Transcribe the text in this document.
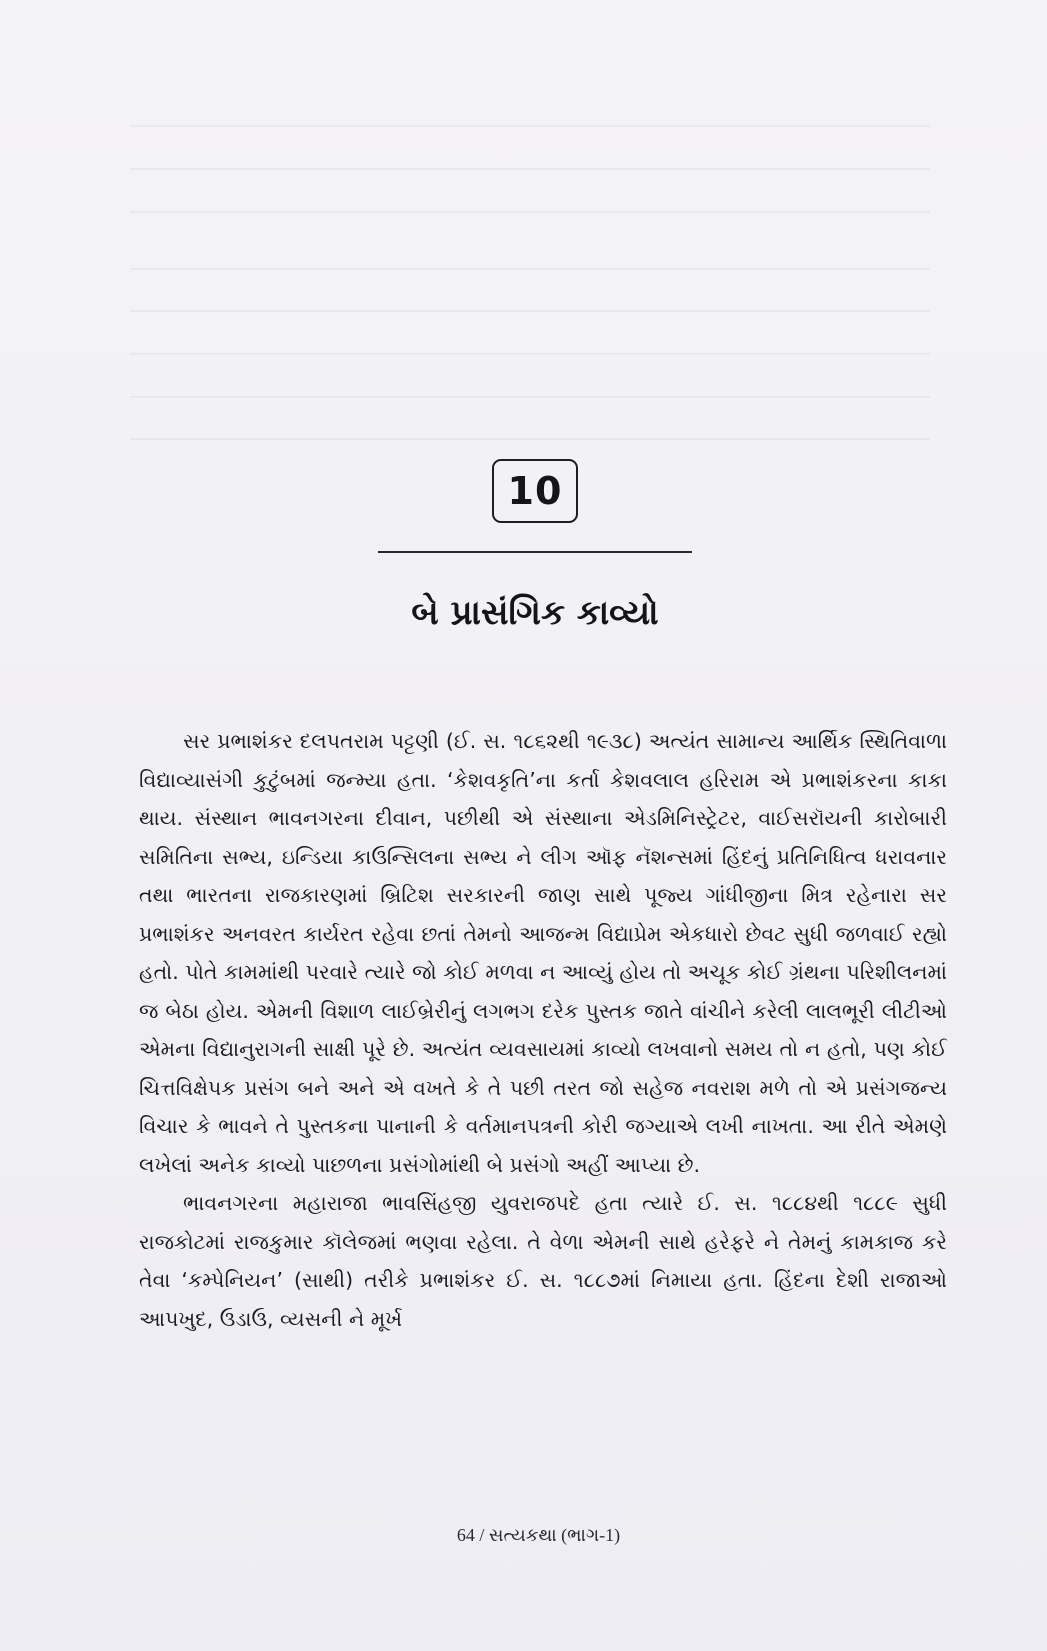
10
બે પ્રાસંગિક કાવ્યો

સર પ્રભાશંકર દલપતરામ પટ્ટણી (ઈ. સ. ૧૮૬૨થી ૧૯૩૮) અત્યંત સામાન્ય આર્થિક સ્થિતિવાળા વિદ્યાવ્યાસંગી કુટુંબમાં જન્મ્યા હતા. ‘કેશવકૃતિ’ના કર્તા કેશવલાલ હરિરામ એ પ્રભાશંકરના કાકા થાય. સંસ્થાન ભાવનગરના દીવાન, પછીથી એ સંસ્થાના એડમિનિસ્ટ્રેટર, વાઈસરૉયની કારોબારી સમિતિના સભ્ય, ઇન્ડિયા કાઉન્સિલના સભ્ય ને લીગ ઑફ નૅશન્સમાં હિંદનું પ્રતિનિધિત્વ ધરાવનાર તથા ભારતના રાજકારણમાં બ્રિટિશ સરકારની જાણ સાથે પૂજ્ય ગાંધીજીના મિત્ર રહેનારા સર પ્રભાશંકર અનવરત કાર્યરત રહેવા છતાં તેમનો આજન્મ વિદ્યાપ્રેમ એકધારો છેવટ સુધી જળવાઈ રહ્યો હતો. પોતે કામમાંથી પરવારે ત્યારે જો કોઈ મળવા ન આવ્યું હોય તો અચૂક કોઈ ગ્રંથના પરિશીલનમાં જ બેઠા હોય. એમની વિશાળ લાઈબ્રેરીનું લગભગ દરેક પુસ્તક જાતે વાંચીને કરેલી લાલભૂરી લીટીઓ એમના વિદ્યાનુરાગની સાક્ષી પૂરે છે. અત્યંત વ્યવસાયમાં કાવ્યો લખવાનો સમય તો ન હતો, પણ કોઈ ચિત્તવિક્ષેપક પ્રસંગ બને અને એ વખતે કે તે પછી તરત જો સહેજ નવરાશ મળે તો એ પ્રસંગજન્ય વિચાર કે ભાવને તે પુસ્તકના પાનાની કે વર્તમાનપત્રની કોરી જગ્યાએ લખી નાખતા. આ રીતે એમણે લખેલાં અનેક કાવ્યો પાછળના પ્રસંગોમાંથી બે પ્રસંગો અહીં આપ્યા છે.

ભાવનગરના મહારાજા ભાવસિંહજી યુવરાજપદે હતા ત્યારે ઈ. સ. ૧૮૮૪થી ૧૮૮૯ સુધી રાજકોટમાં રાજકુમાર કૉલેજમાં ભણવા રહેલા. તે વેળા એમની સાથે હરેફરે ને તેમનું કામકાજ કરે તેવા ‘કમ્પેનિયન’ (સાથી) તરીકે પ્રભાશંકર ઈ. સ. ૧૮૮૭માં નિમાયા હતા. હિંદના દેશી રાજાઓ આપખુદ, ઉડાઉ, વ્યસની ને મૂર્ખ

64 / સત્યકથા (ભાગ-1)
